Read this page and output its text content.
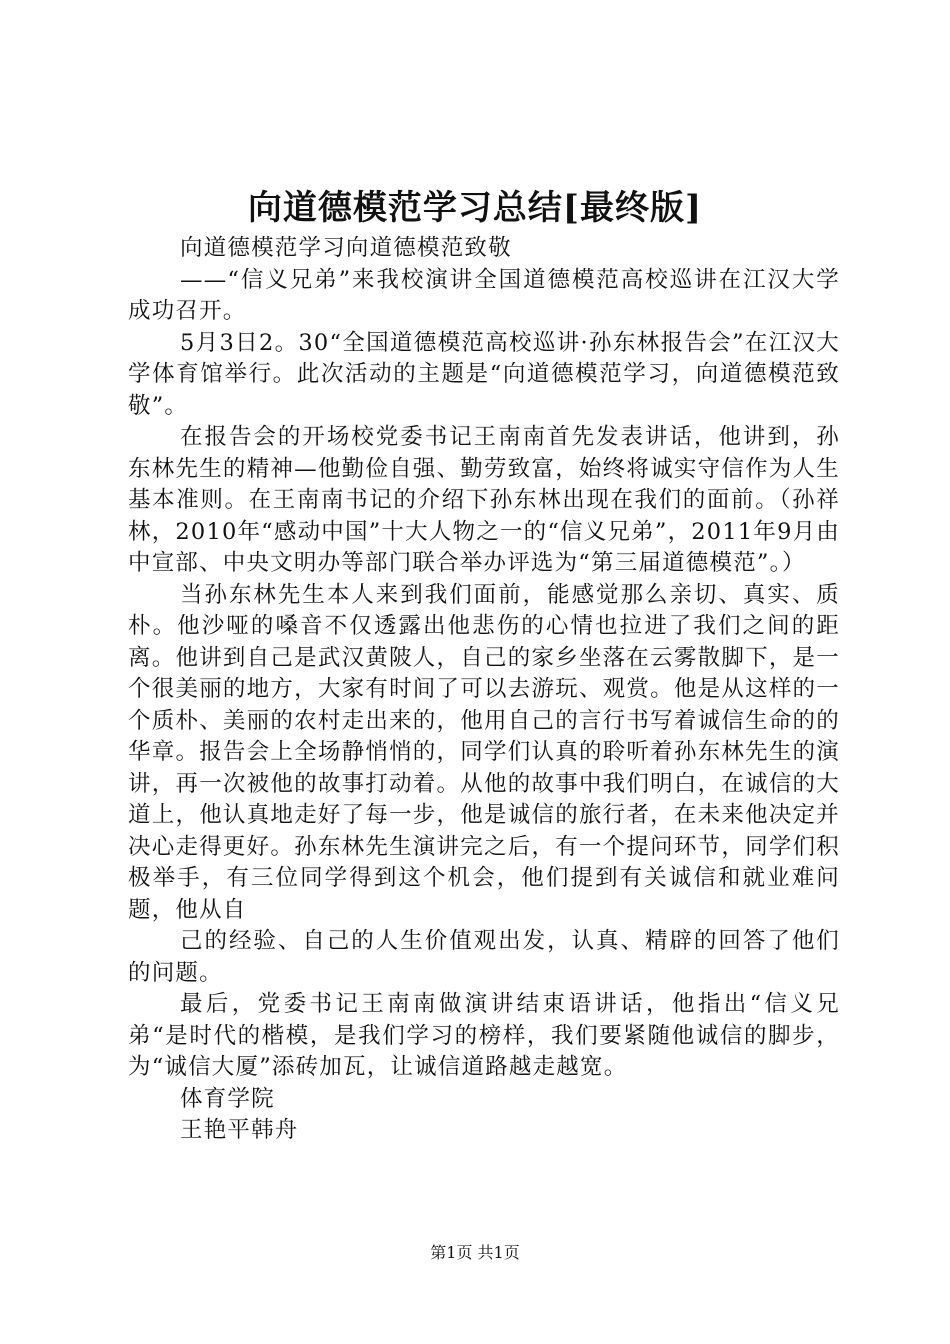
向道德模范学习总结[最终版]

向道德模范学习向道德模范致敬

——“信义兄弟”来我校演讲全国道德模范高校巡讲在江汉大学成功召开。

5月3日2。30“全国道德模范高校巡讲·孙东林报告会”在江汉大学体育馆举行。此次活动的主题是“向道德模范学习，向道德模范致敬”。

在报告会的开场校党委书记王南南首先发表讲话，他讲到，孙东林先生的精神—他勤俭自强、勤劳致富，始终将诚实守信作为人生基本准则。在王南南书记的介绍下孙东林出现在我们的面前。（孙祥林，2010年“感动中国”十大人物之一的“信义兄弟”，2011年9月由中宣部、中央文明办等部门联合举办评选为“第三届道德模范”。）

当孙东林先生本人来到我们面前，能感觉那么亲切、真实、质朴。他沙哑的嗓音不仅透露出他悲伤的心情也拉进了我们之间的距离。他讲到自己是武汉黄陂人，自己的家乡坐落在云雾散脚下，是一个很美丽的地方，大家有时间了可以去游玩、观赏。他是从这样的一个质朴、美丽的农村走出来的，他用自己的言行书写着诚信生命的的华章。报告会上全场静悄悄的，同学们认真的聆听着孙东林先生的演讲，再一次被他的故事打动着。从他的故事中我们明白，在诚信的大道上，他认真地走好了每一步，他是诚信的旅行者，在未来他决定并决心走得更好。孙东林先生演讲完之后，有一个提问环节，同学们积极举手，有三位同学得到这个机会，他们提到有关诚信和就业难问题，他从自

己的经验、自己的人生价值观出发，认真、精辟的回答了他们的问题。

最后，党委书记王南南做演讲结束语讲话，他指出“信义兄弟“是时代的楷模，是我们学习的榜样，我们要紧随他诚信的脚步，为“诚信大厦”添砖加瓦，让诚信道路越走越宽。

体育学院

王艳平韩舟

第1页 共1页
